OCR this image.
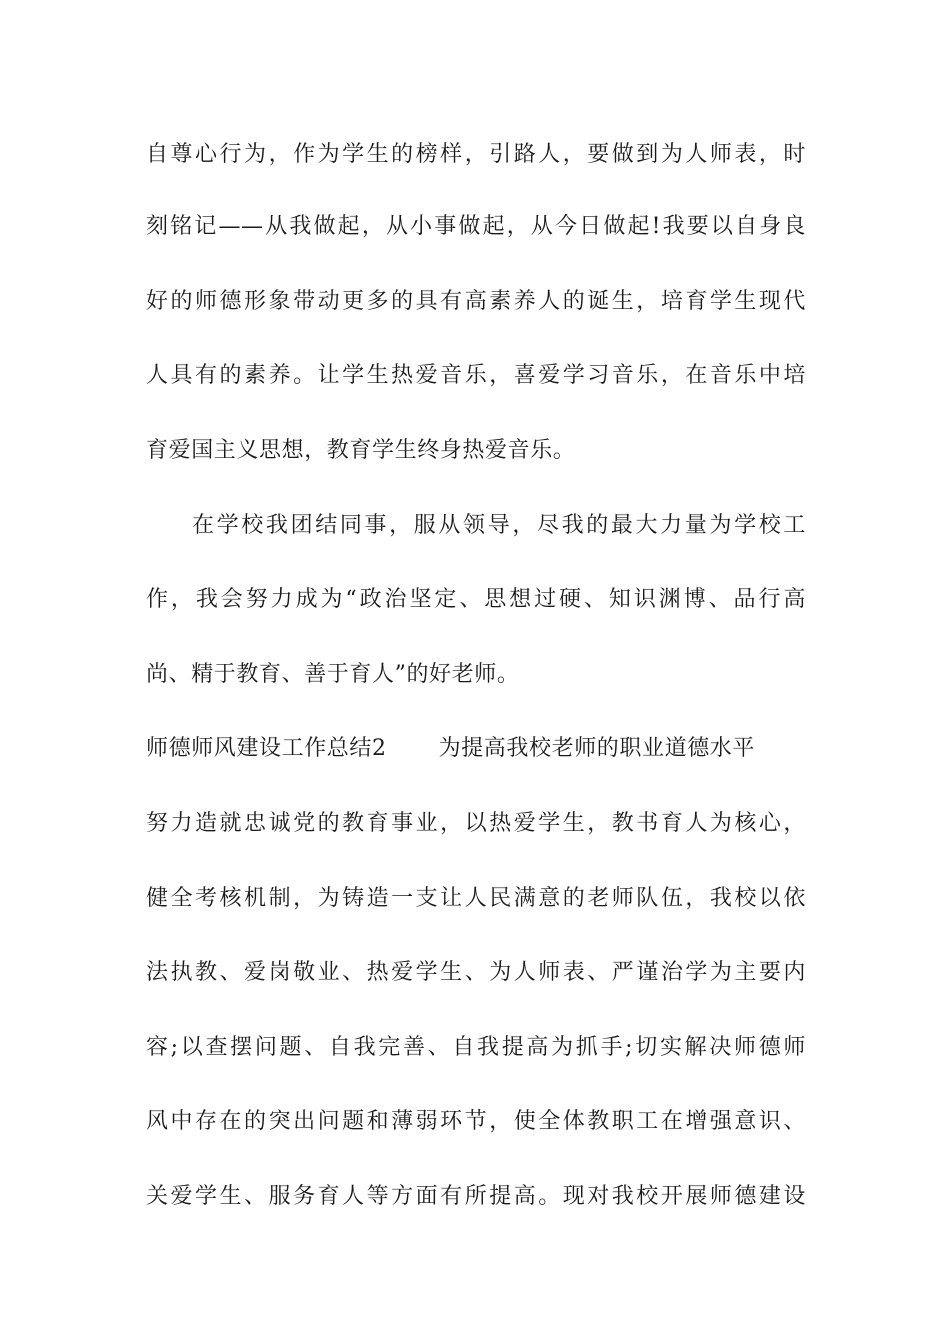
自尊心行为，作为学生的榜样，引路人，要做到为人师表，时
刻铭记——从我做起，从小事做起，从今日做起!我要以自身良
好的师德形象带动更多的具有高素养人的诞生，培育学生现代
人具有的素养。让学生热爱音乐，喜爱学习音乐，在音乐中培
育爱国主义思想，教育学生终身热爱音乐。
在学校我团结同事，服从领导，尽我的最大力量为学校工
作，我会努力成为“政治坚定、思想过硬、知识渊博、品行高
尚、精于教育、善于育人”的好老师。
师德师风建设工作总结2 为提高我校老师的职业道德水平
努力造就忠诚党的教育事业，以热爱学生，教书育人为核心，
健全考核机制，为铸造一支让人民满意的老师队伍，我校以依
法执教、爱岗敬业、热爱学生、为人师表、严谨治学为主要内
容;以查摆问题、自我完善、自我提高为抓手;切实解决师德师
风中存在的突出问题和薄弱环节，使全体教职工在增强意识、
关爱学生、服务育人等方面有所提高。现对我校开展师德建设
